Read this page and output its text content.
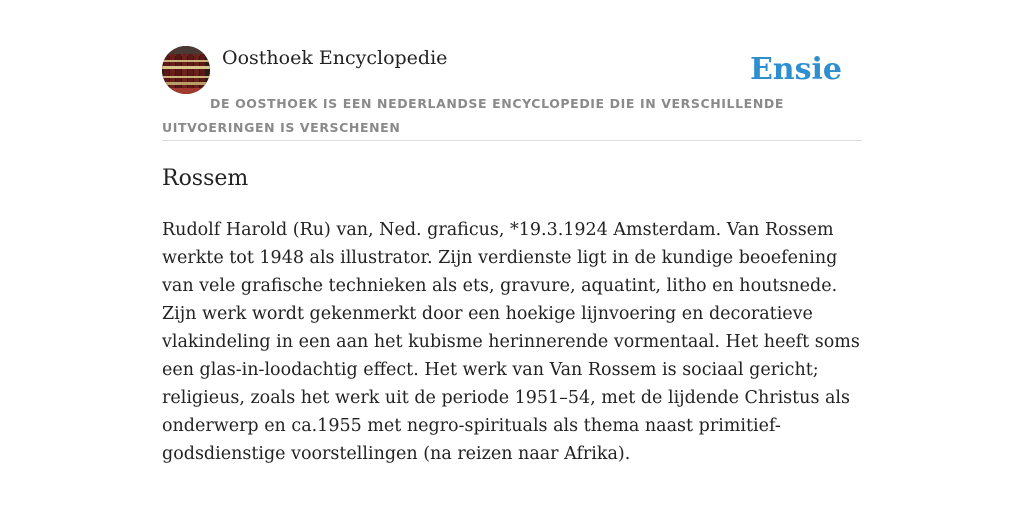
Oosthoek Encyclopedie	Ensie
DE OOSTHOEK IS EEN NEDERLANDSE ENCYCLOPEDIE DIE IN VERSCHILLENDE UITVOERINGEN IS VERSCHENEN
Rossem

Rudolf Harold (Ru) van, Ned. graficus, *19.3.1924 Amsterdam. Van Rossem werkte tot 1948 als illustrator. Zijn verdienste ligt in de kundige beoefening van vele grafische technieken als ets, gravure, aquatint, litho en houtsnede. Zijn werk wordt gekenmerkt door een hoekige lijnvoering en decoratieve vlakindeling in een aan het kubisme herinnerende vormentaal. Het heeft soms een glas-in-loodachtig effect. Het werk van Van Rossem is sociaal gericht; religieus, zoals het werk uit de periode 1951–54, met de lijdende Christus als onderwerp en ca.1955 met negro-spirituals als thema naast primitief-godsdienstige voorstellingen (na reizen naar Afrika).
